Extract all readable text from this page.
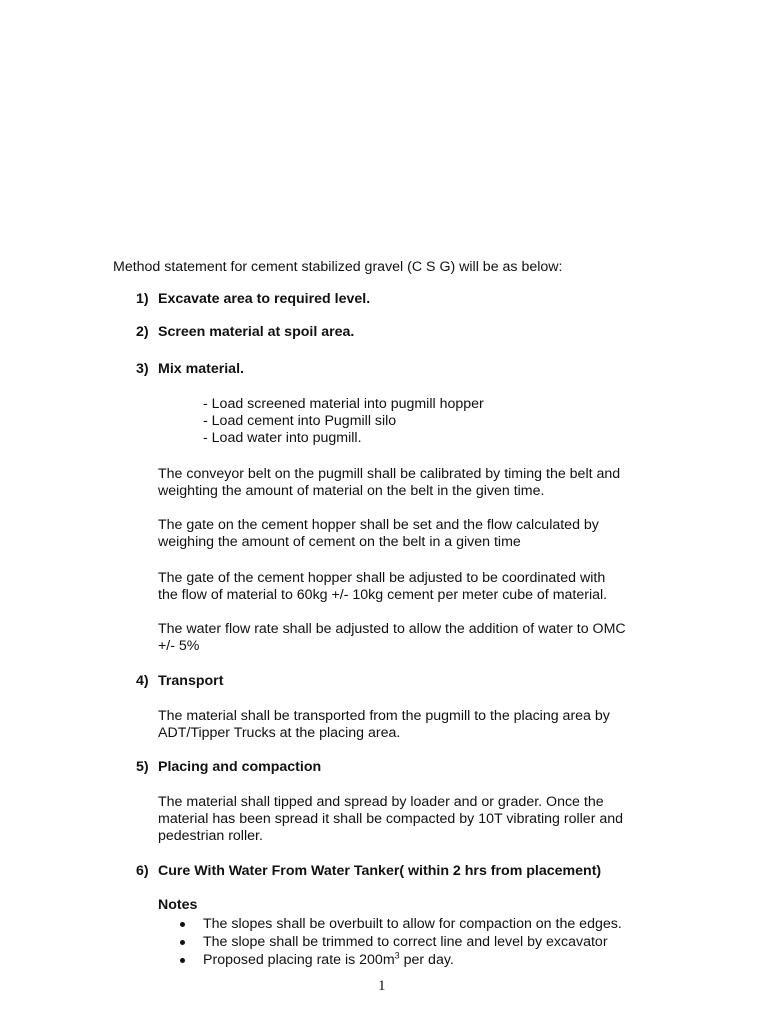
Method statement for cement stabilized gravel (C S G) will be as below:
1) Excavate area to required level.
2) Screen material at spoil area.
3) Mix material.
- Load screened material into pugmill hopper
- Load cement into Pugmill silo
- Load water into pugmill.
The conveyor belt on the pugmill shall be calibrated by timing the belt and
weighting the amount of material on the belt in the given time.
The gate on the cement hopper shall be set and the flow calculated by
weighing the amount of cement on the belt in a given time
The gate of the cement hopper shall be adjusted to be coordinated with
the flow of material to 60kg +/- 10kg cement per meter cube of material.
The water flow rate shall be adjusted to allow the addition of water to OMC
+/- 5%
4) Transport
The material shall be transported from the pugmill to the placing area by
ADT/Tipper Trucks at the placing area.
5) Placing and compaction
The material shall tipped and spread by loader and or grader. Once the
material has been spread it shall be compacted by 10T vibrating roller and
pedestrian roller.
6) Cure With Water From Water Tanker( within 2 hrs from placement)
Notes
The slopes shall be overbuilt to allow for compaction on the edges.
The slope shall be trimmed to correct line and level by excavator
Proposed placing rate is $200m^3$ per day.
1
